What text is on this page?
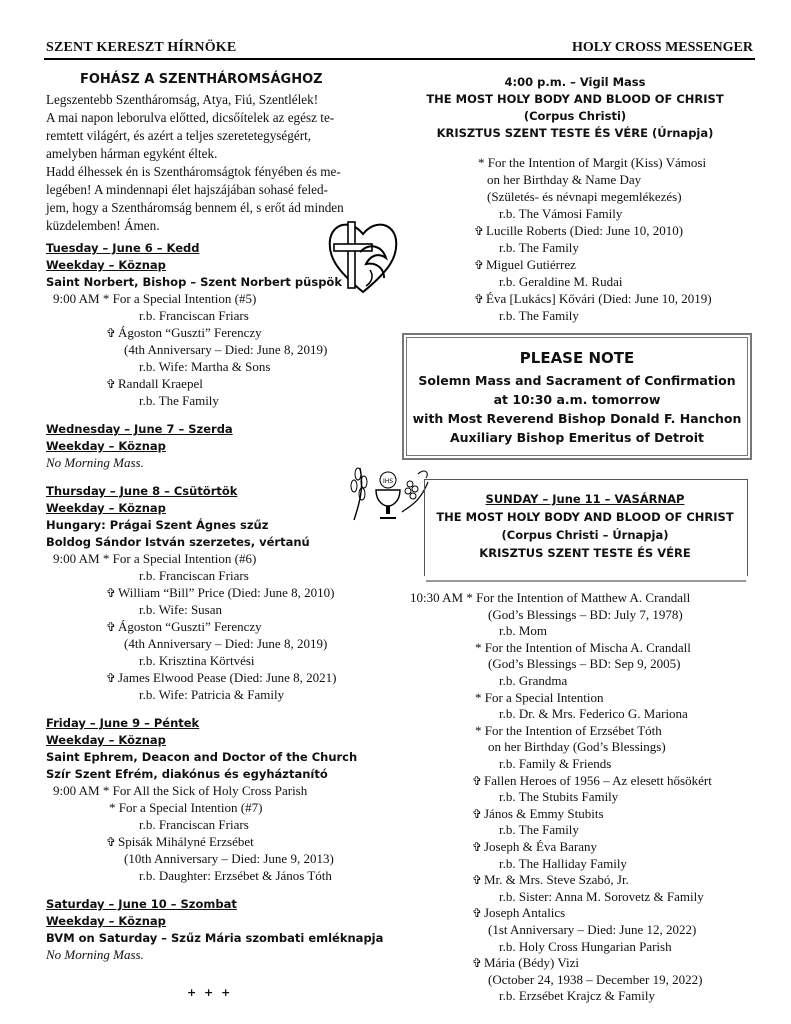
SZENT KERESZT HÍRNÖKE	HOLY CROSS MESSENGER
FOHÁSZ A SZENTHÁROMSÁGHOZ
Legszentebb Szentháromság, Atya, Fiú, Szentlélek!
A mai napon leborulva előtted, dicsőítelek az egész te-
remtett világért, és azért a teljes szeretetegységért,
amelyben hárman egyként éltek.
Hadd élhessek én is Szentháromságtok fényében és me-
legében! A mindennapi élet hajszájában sohasé feled-
jem, hogy a Szentháromság bennem él, s erőt ád minden
küzdelemben! Ámen.
Tuesday – June 6 – Kedd
Weekday – Köznap
Saint Norbert, Bishop – Szent Norbert püspök
9:00 AM * For a Special Intention (#5)
r.b. Franciscan Friars
✞ Ágoston “Guszti” Ferenczy
(4th Anniversary – Died: June 8, 2019)
r.b. Wife: Martha & Sons
✞ Randall Kraepel
r.b. The Family
Wednesday – June 7 – Szerda
Weekday – Köznap
No Morning Mass.
Thursday – June 8 – Csütörtök
Weekday – Köznap
Hungary: Prágai Szent Ágnes szűz
Boldog Sándor István szerzetes, vértanú
9:00 AM * For a Special Intention (#6)
r.b. Franciscan Friars
✞ William “Bill” Price (Died: June 8, 2010)
r.b. Wife: Susan
✞ Ágoston “Guszti” Ferenczy
(4th Anniversary – Died: June 8, 2019)
r.b. Krisztina Körtvési
✞ James Elwood Pease (Died: June 8, 2021)
r.b. Wife: Patricia & Family
Friday – June 9 – Péntek
Weekday – Köznap
Saint Ephrem, Deacon and Doctor of the Church
Szír Szent Efrém, diakónus és egyháztanító
9:00 AM * For All the Sick of Holy Cross Parish
* For a Special Intention (#7)
r.b. Franciscan Friars
✞ Spisák Mihályné Erzsébet
(10th Anniversary – Died: June 9, 2013)
r.b. Daughter: Erzsébet & János Tóth
Saturday – June 10 – Szombat
Weekday – Köznap
BVM on Saturday – Szűz Mária szombati emléknapja
No Morning Mass.
+ + +
4:00 p.m. – Vigil Mass
THE MOST HOLY BODY AND BLOOD OF CHRIST
(Corpus Christi)
KRISZTUS SZENT TESTE ÉS VÉRE (Úrnapja)
* For the Intention of Margit (Kiss) Vámosi
on her Birthday & Name Day
(Születés- és névnapi megemlékezés)
r.b. The Vámosi Family
✞ Lucille Roberts (Died: June 10, 2010)
r.b. The Family
✞ Miguel Gutiérrez
r.b. Geraldine M. Rudai
✞ Éva [Lukács] Kővári (Died: June 10, 2019)
r.b. The Family
PLEASE NOTE
Solemn Mass and Sacrament of Confirmation
at 10:30 a.m. tomorrow
with Most Reverend Bishop Donald F. Hanchon
Auxiliary Bishop Emeritus of Detroit
IHS
SUNDAY – June 11 – VASÁRNAP
THE MOST HOLY BODY AND BLOOD OF CHRIST
(Corpus Christi – Úrnapja)
KRISZTUS SZENT TESTE ÉS VÉRE
10:30 AM * For the Intention of Matthew A. Crandall
(God’s Blessings – BD: July 7, 1978)
r.b. Mom
* For the Intention of Mischa A. Crandall
(God’s Blessings – BD: Sep 9, 2005)
r.b. Grandma
* For a Special Intention
r.b. Dr. & Mrs. Federico G. Mariona
* For the Intention of Erzsébet Tóth
on her Birthday (God’s Blessings)
r.b. Family & Friends
✞ Fallen Heroes of 1956 – Az elesett hősökért
r.b. The Stubits Family
✞ János & Emmy Stubits
r.b. The Family
✞ Joseph & Éva Barany
r.b. The Halliday Family
✞ Mr. & Mrs. Steve Szabó, Jr.
r.b. Sister: Anna M. Sorovetz & Family
✞ Joseph Antalics
(1st Anniversary – Died: June 12, 2022)
r.b. Holy Cross Hungarian Parish
✞ Mária (Bédy) Vizi
(October 24, 1938 – December 19, 2022)
r.b. Erzsébet Krajcz & Family
